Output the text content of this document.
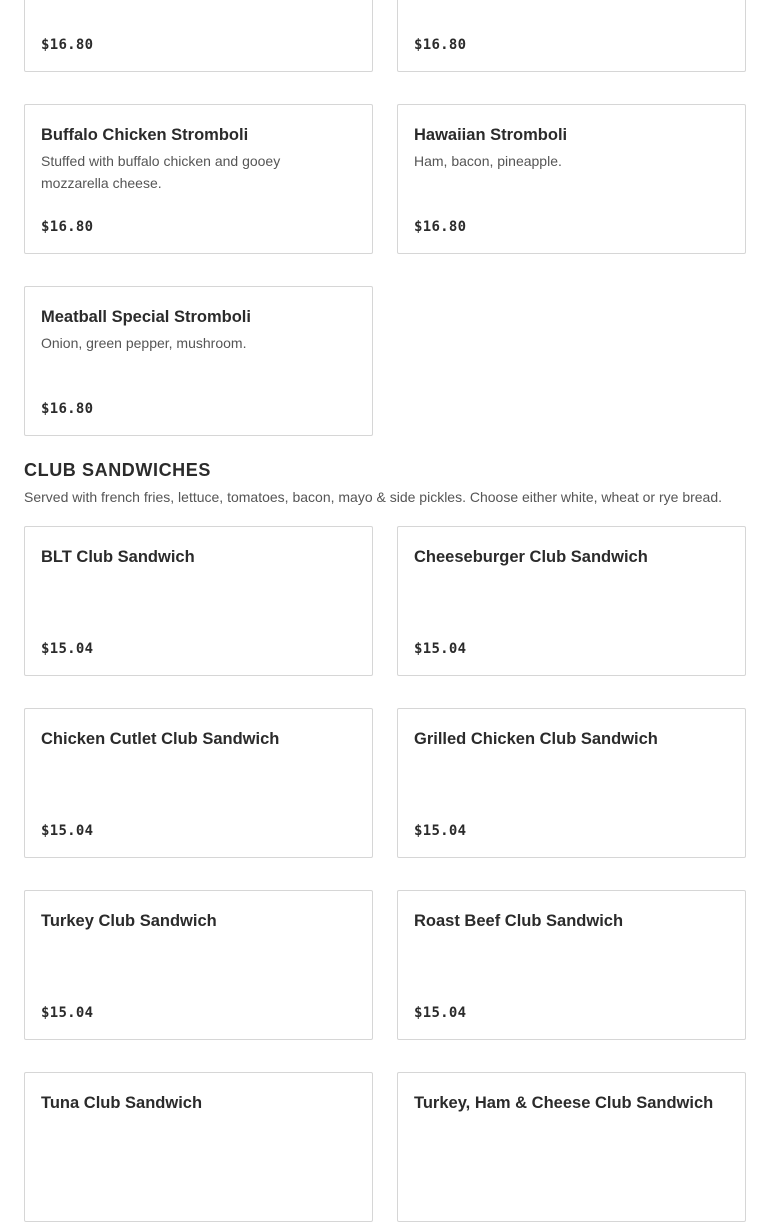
$16.80	$16.80
Buffalo Chicken Stromboli
Stuffed with buffalo chicken and gooey mozzarella cheese.
$16.80
Hawaiian Stromboli
Ham, bacon, pineapple.
$16.80
Meatball Special Stromboli
Onion, green pepper, mushroom.
$16.80
CLUB SANDWICHES

Served with french fries, lettuce, tomatoes, bacon, mayo & side pickles. Choose either white, wheat or rye bread.

BLT Club Sandwich
$15.04
Cheeseburger Club Sandwich
$15.04
Chicken Cutlet Club Sandwich
$15.04
Grilled Chicken Club Sandwich
$15.04
Turkey Club Sandwich
$15.04
Roast Beef Club Sandwich
$15.04
Tuna Club Sandwich	Turkey, Ham & Cheese Club Sandwich
